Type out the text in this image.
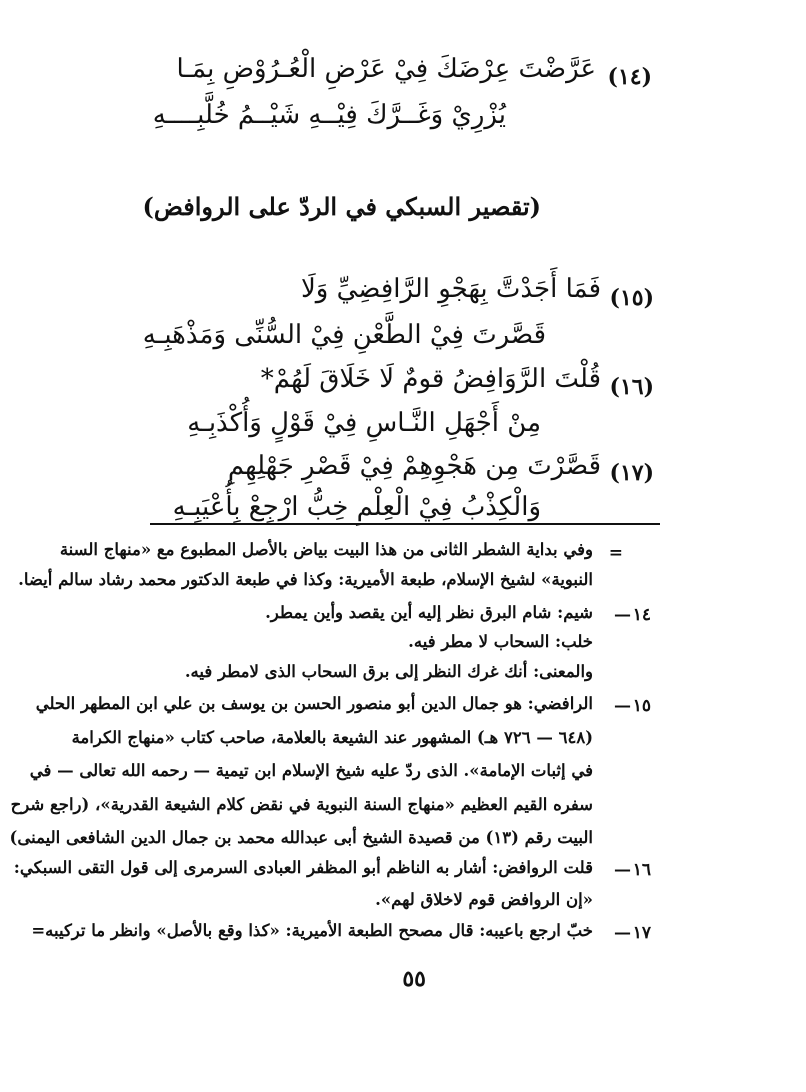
(١٤)
عَرَّضْتَ عِرْضَكَ فِيْ عَرْضِ الْعُـرُوْضِ بِمَـا
يُزْرِيْ وَغَــرَّكَ فِيْــهِ شَيْــمُ خُلَّبِــــهِ
(تقصير السبكي في الردّ على الروافض)
(١٥)
فَمَا أَجَدْتَّ بِهَجْوِ الرَّافِضِيِّ وَلَا
قَصَّرتَ فِيْ الطَّعْنِ فِيْ السُّنِّى وَمَذْهَبِـهِ
(١٦)
قُلْتَ الرَّوَافِضُ قومٌ لَا خَلَاقَ لَهُمْ*
مِنْ أَجْهَلِ النَّـاسِ فِيْ قَوْلٍ وَأُكْذَبِـهِ
(١٧)
قَصَّرْتَ مِن هَجْوِهِمْ فِيْ قَصْرِ جَهْلِهِمِ
وَالْكِذْبُ فِيْ الْعِلْمِ خِبُّ ارْجِعْ بِأُعْيَبِـهِ
=
وفي بداية الشطر الثانى من هذا البيت بياض بالأصل المطبوع مع «منهاج السنة
النبوية» لشيخ الإسلام، طبعة الأميرية: وكذا في طبعة الدكتور محمد رشاد سالم أيضا.
١٤
—
شيم: شام البرق نظر إليه أين يقصد وأين يمطر.
خلب: السحاب لا مطر فيه.
والمعنى: أنك غرك النظر إلى برق السحاب الذى لامطر فيه.
١٥
—
الرافضي: هو جمال الدين أبو منصور الحسن بن يوسف بن علي ابن المطهر الحلي
(٦٤٨ — ٧٢٦ هـ) المشهور عند الشيعة بالعلامة، صاحب كتاب «منهاج الكرامة
في إثبات الإمامة». الذى ردّ عليه شيخ الإسلام ابن تيمية — رحمه الله تعالى — في
سفره القيم العظيم «منهاج السنة النبوية في نقض كلام الشيعة القدرية»، (راجع شرح
البيت رقم (١٣) من قصيدة الشيخ أبى عبدالله محمد بن جمال الدين الشافعى اليمنى)
١٦
—
قلت الروافض: أشار به الناظم أبو المظفر العبادى السرمرى إلى قول التقى السبكي:
«إن الروافض قوم لاخلاق لهم».
١٧
—
خبّ ارجع باعيبه: قال مصحح الطبعة الأميرية: «كذا وقع بالأصل» وانظر ما تركيبه=
٥٥
